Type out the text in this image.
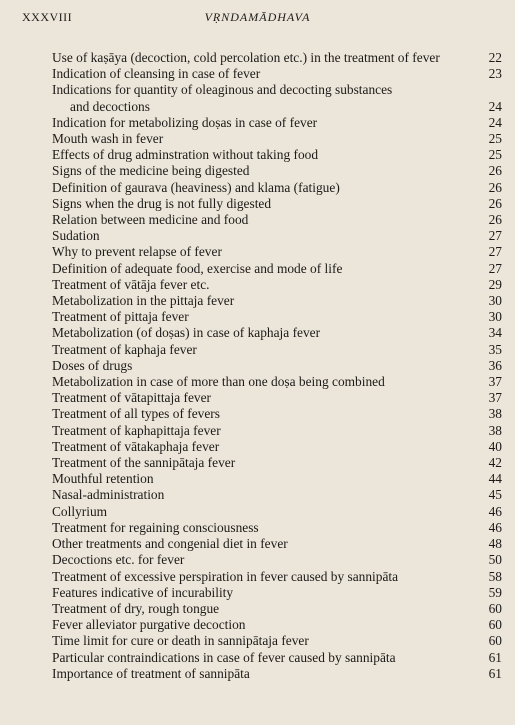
XXXVIII	VṚNDAMĀDHAVA
Use of kaṣāya (decoction, cold percolation etc.) in the treatment of fever	22
Indication of cleansing in case of fever	23
Indications for quantity of oleaginous and decocting substances
and decoctions	24
Indication for metabolizing doṣas in case of fever	24
Mouth wash in fever	25
Effects of drug adminstration without taking food	25
Signs of the medicine being digested	26
Definition of gaurava (heaviness) and klama (fatigue)	26
Signs when the drug is not fully digested	26
Relation between medicine and food	26
Sudation	27
Why to prevent relapse of fever	27
Definition of adequate food, exercise and mode of life	27
Treatment of vātāja fever etc.	29
Metabolization in the pittaja fever	30
Treatment of pittaja fever	30
Metabolization (of doṣas) in case of kaphaja fever	34
Treatment of kaphaja fever	35
Doses of drugs	36
Metabolization in case of more than one doṣa being combined	37
Treatment of vātapittaja fever	37
Treatment of all types of fevers	38
Treatment of kaphapittaja fever	38
Treatment of vātakaphaja fever	40
Treatment of the sannipātaja fever	42
Mouthful retention	44
Nasal-administration	45
Collyrium	46
Treatment for regaining consciousness	46
Other treatments and congenial diet in fever	48
Decoctions etc. for fever	50
Treatment of excessive perspiration in fever caused by sannipāta	58
Features indicative of incurability	59
Treatment of dry, rough tongue	60
Fever alleviator purgative decoction	60
Time limit for cure or death in sannipātaja fever	60
Particular contraindications in case of fever caused by sannipāta	61
Importance of treatment of sannipāta	61
